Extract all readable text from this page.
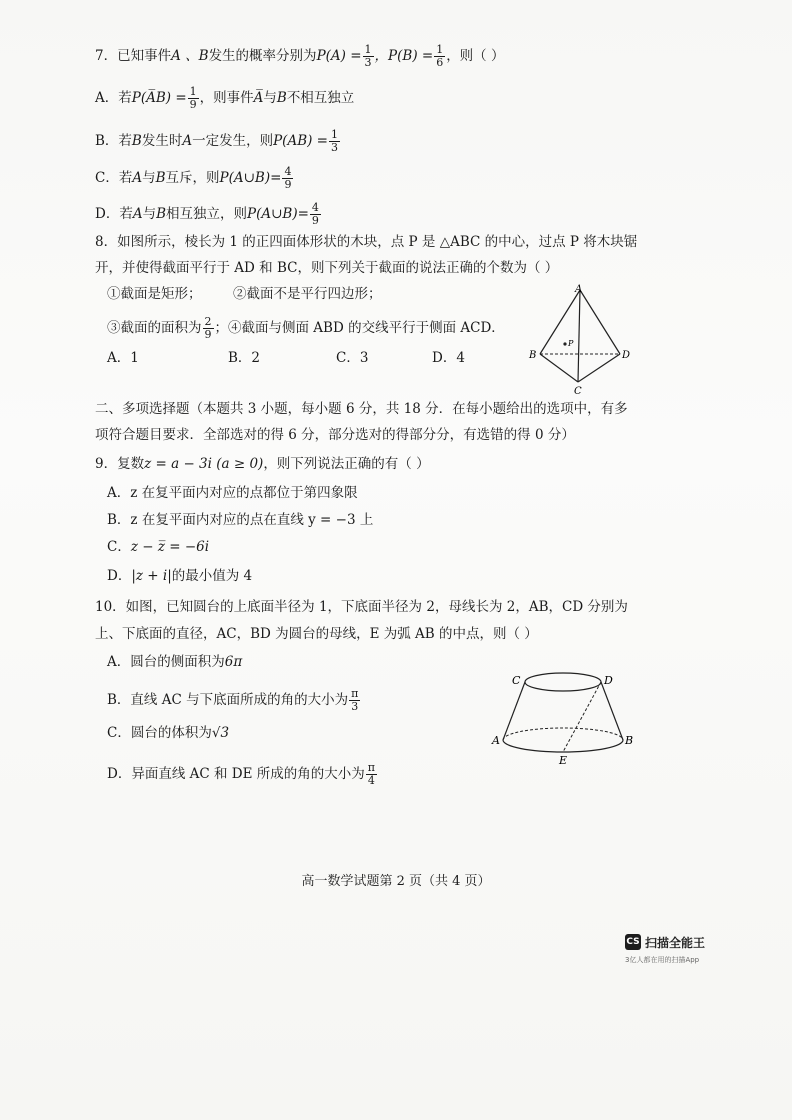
7．已知事件A 、B发生的概率分别为$P(A) = \frac{1}{3}$ ，$P(B) = \frac{1}{6}$ ，则（ ）
A．若P(A̅B) = $\frac{1}{9}$ ，则事件A̅与B不相互独立
B．若B发生时A一定发生，则$P(AB) = \frac{1}{3}$
C．若A与B互斥，则P(A∪B)= $\frac{4}{9}$
D．若A与B相互独立，则P(A∪B)= $\frac{4}{9}$
8．如图所示，棱长为 1 的正四面体形状的木块，点 P 是 △ABC 的中心，过点 P 将木块锯
开，并使得截面平行于 AD 和 BC，则下列关于截面的说法正确的个数为（ ）
①截面是矩形； ②截面不是平行四边形；
③截面的面积为 $\frac{2}{9}$ ；④截面与侧面 ABD 的交线平行于侧面 ACD．
A．1	B．2	C．3	D．4
A
B	D
C
P
二、多项选择题（本题共 3 小题，每小题 6 分，共 18 分．在每小题给出的选项中，有多
项符合题目要求．全部选对的得 6 分，部分选对的得部分分，有选错的得 0 分）
9．复数z = a − 3i (a ≥ 0)，则下列说法正确的有（ ）
A．z 在复平面内对应的点都位于第四象限
B．z 在复平面内对应的点在直线 y = −3 上
C．z − z̅ = −6i
D．|z + i|的最小值为 4
10．如图，已知圆台的上底面半径为 1，下底面半径为 2，母线长为 2，AB，CD 分别为
上、下底面的直径，AC，BD 为圆台的母线，E 为弧 AB 的中点，则（ ）
A．圆台的侧面积为6π
B．直线 AC 与下底面所成的角的大小为 $\frac{\pi}{3}$
C．圆台的体积为√3
D．异面直线 AC 和 DE 所成的角的大小为 $\frac{\pi}{4}$
C	D
A	B
E
高一数学试题第 2 页（共 4 页）
CS 扫描全能王
3亿人都在用的扫描App
